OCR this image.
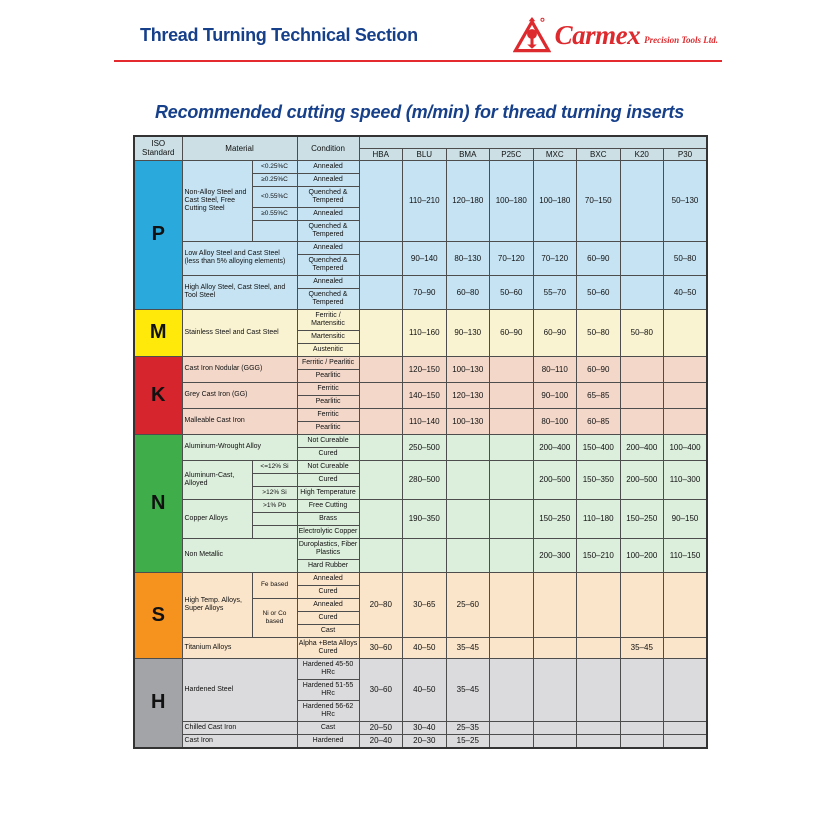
Thread Turning Technical Section	Carmex Precision Tools Ltd.
Recommended cutting speed (m/min) for thread turning inserts
ISO Standard	Material		Condition								
				HBA	BLU	BMA	P25C	MXC	BXC	K20	P30
P	Non-Alloy Steel and Cast Steel, Free Cutting Steel	<0.25%C	Annealed		110–210	120–180	100–180	100–180	70–150		50–130
		≥0.25%C	Annealed								
		<0.55%C	Quenched & Tempered								
		≥0.55%C	Annealed								
			Quenched & Tempered								
	Low Alloy Steel and Cast Steel (less than 5% alloying elements)		Annealed		90–140	80–130	70–120	70–120	60–90		50–80
			Quenched & Tempered								
	High Alloy Steel, Cast Steel, and Tool Steel		Annealed		70–90	60–80	50–60	55–70	50–60		40–50
			Quenched & Tempered								
M	Stainless Steel and Cast Steel		Ferritic / Martensitic		110–160	90–130	60–90	60–90	50–80	50–80	
			Martensitic								
			Austenitic								
K	Cast Iron Nodular (GGG)		Ferritic / Pearlitic		120–150	100–130		80–110	60–90		
			Pearlitic								
	Grey Cast Iron (GG)		Ferritic		140–150	120–130		90–100	65–85		
			Pearlitic								
	Malleable Cast Iron		Ferritic		110–140	100–130		80–100	60–85		
			Pearlitic								
N	Aluminum-Wrought Alloy		Not Cureable		250–500			200–400	150–400	200–400	100–400
			Cured								
	Aluminum-Cast, Alloyed	<=12% Si	Not Cureable		280–500			200–500	150–350	200–500	110–300
			Cured								
		>12% Si	High Temperature								
	Copper Alloys	>1% Pb	Free Cutting		190–350			150–250	110–180	150–250	90–150
			Brass								
			Electrolytic Copper								
	Non Metallic		Duroplastics, Fiber Plastics					200–300	150–210	100–200	110–150
			Hard Rubber								
S	High Temp. Alloys, Super Alloys	Fe based	Annealed	20–80	30–65	25–60					
			Cured								
		Ni or Co based	Annealed								
			Cured								
			Cast								
	Titanium Alloys		Alpha +Beta Alloys Cured	30–60	40–50	35–45				35–45	
H	Hardened Steel		Hardened 45-50 HRc	30–60	40–50	35–45					
			Hardened 51-55 HRc								
			Hardened 56-62 HRc								
	Chilled Cast Iron		Cast	20–50	30–40	25–35					
	Cast Iron		Hardened	20–40	20–30	15–25					
